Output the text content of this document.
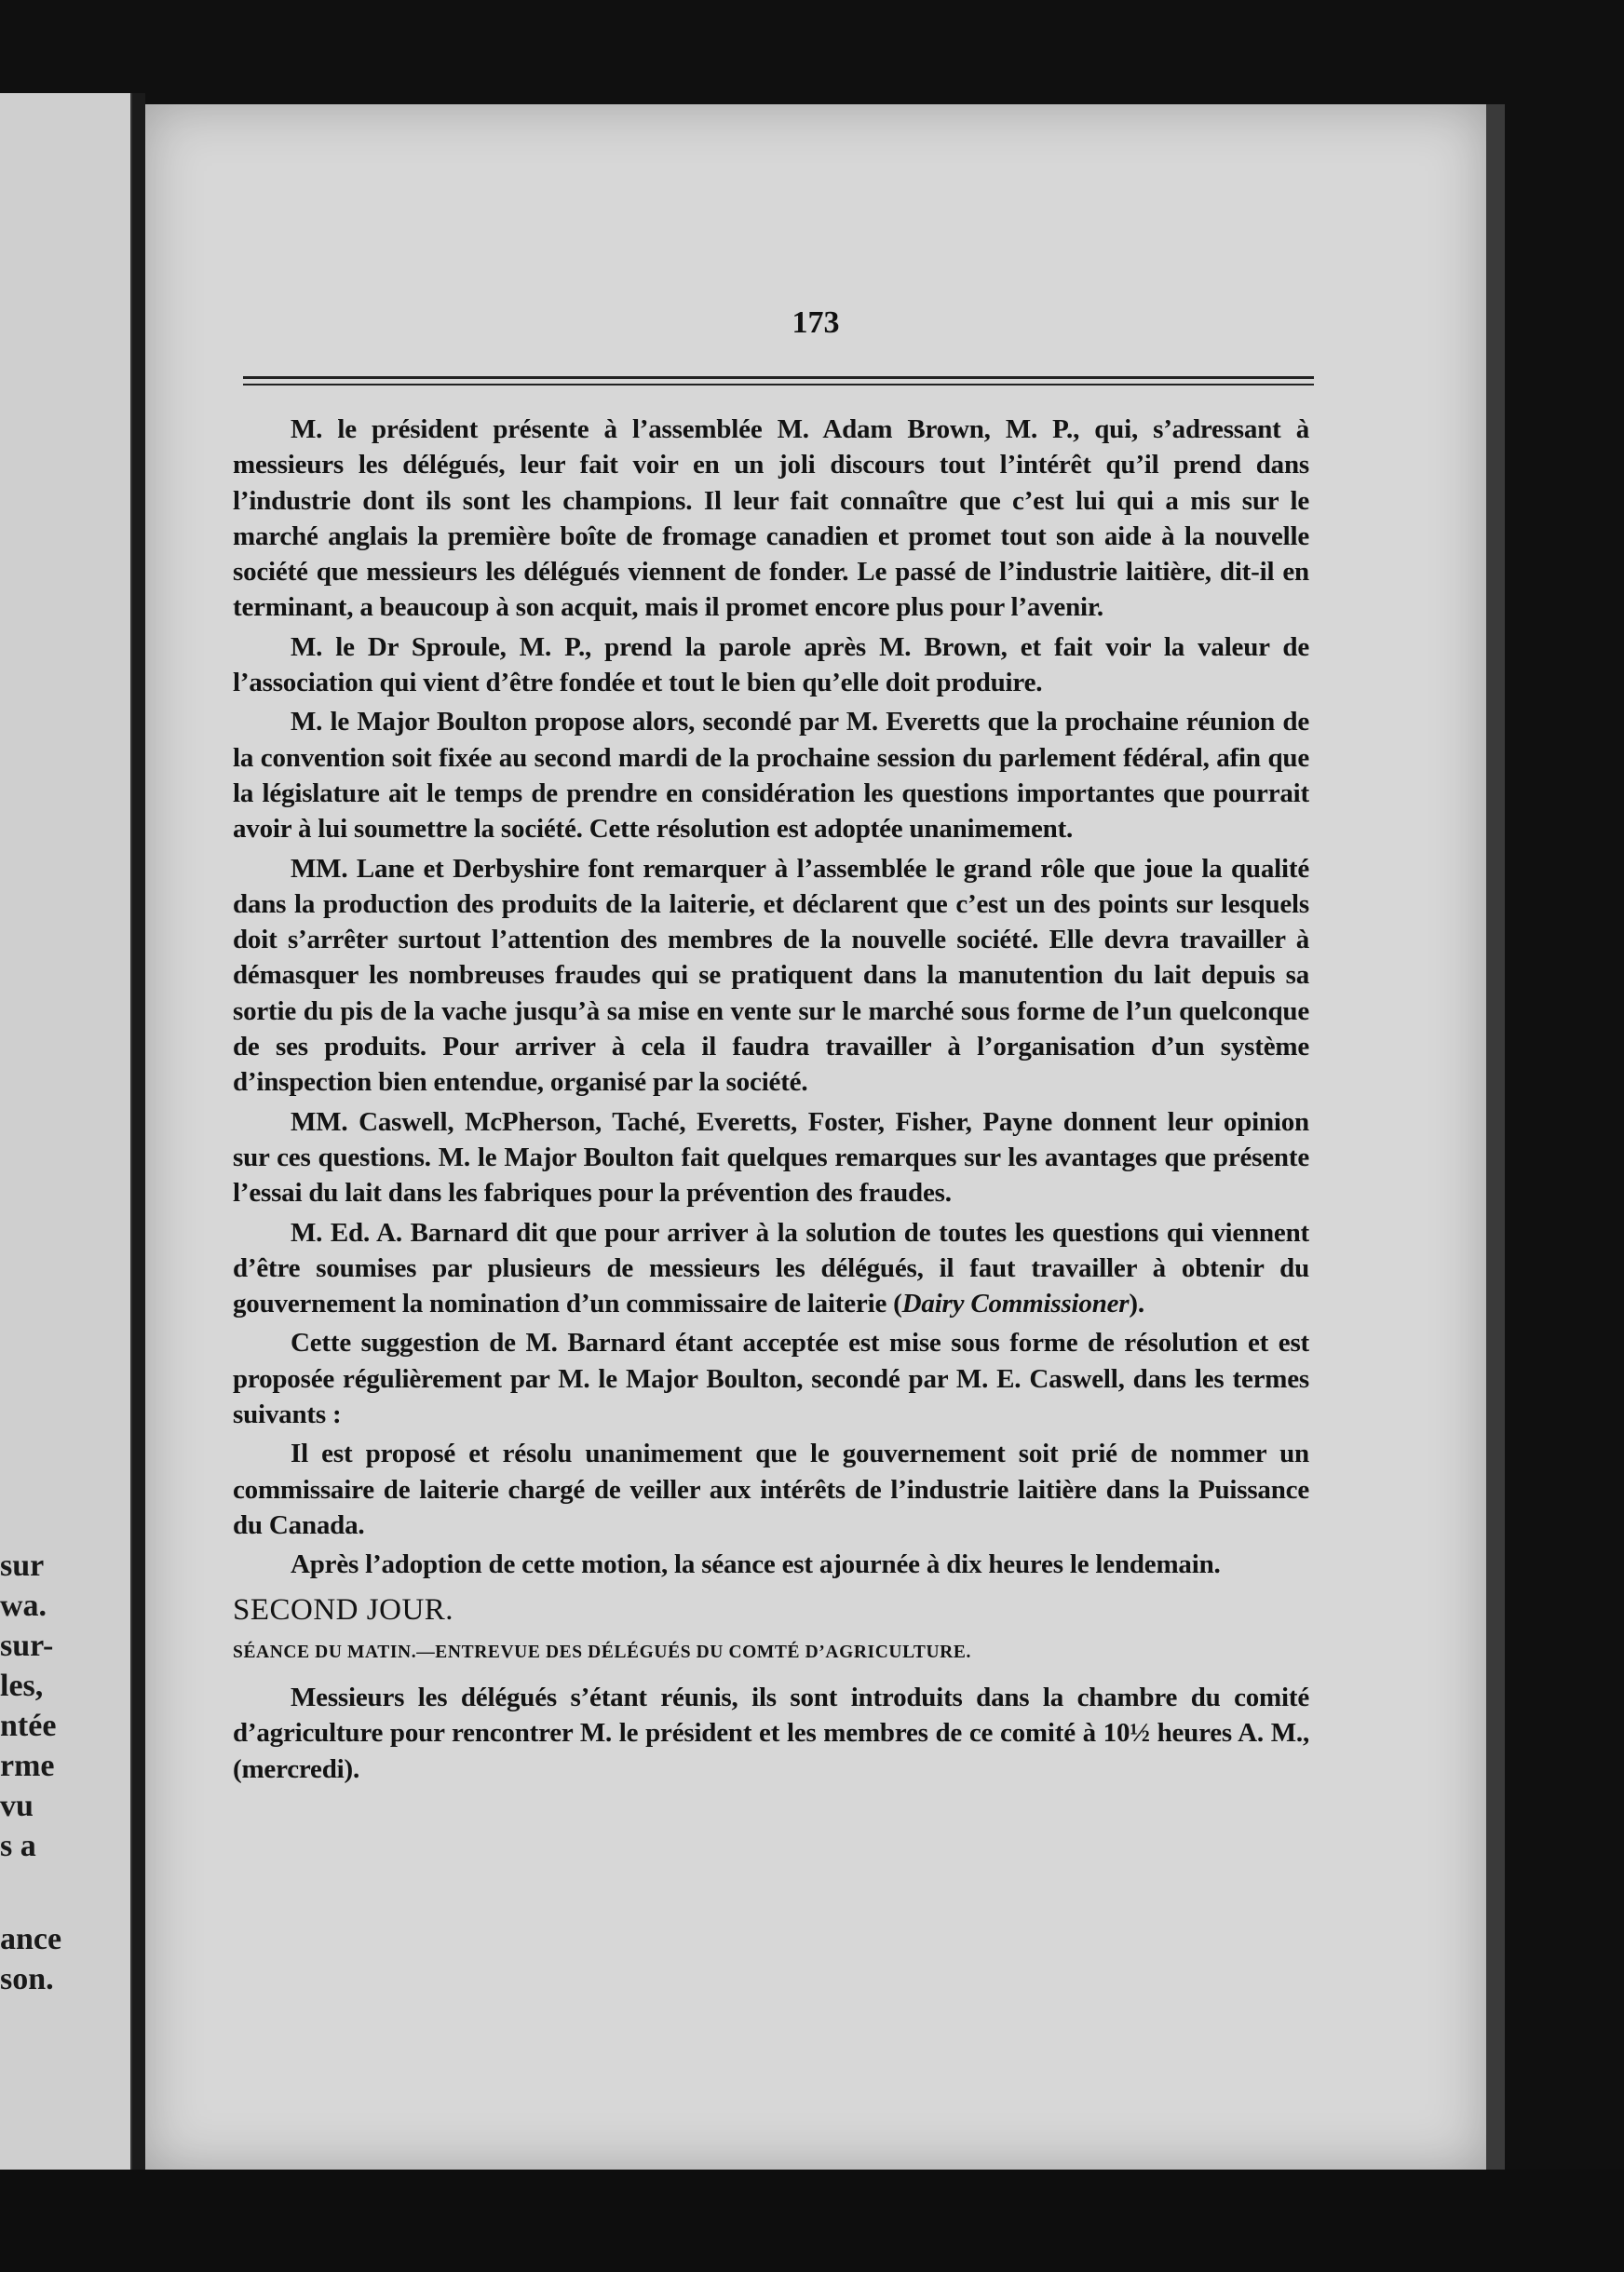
sur
wa.
sur-
les,
ntée
rme
vu
s a
ance
son.
173

M. le président présente à l’assemblée M. Adam Brown, M. P., qui, s’adressant à messieurs les délégués, leur fait voir en un joli discours tout l’intérêt qu’il prend dans l’industrie dont ils sont les champions. Il leur fait connaître que c’est lui qui a mis sur le marché anglais la première boîte de fromage canadien et promet tout son aide à la nouvelle société que messieurs les délégués viennent de fonder. Le passé de l’industrie laitière, dit-il en terminant, a beaucoup à son acquit, mais il promet encore plus pour l’avenir.

M. le Dr Sproule, M. P., prend la parole après M. Brown, et fait voir la valeur de l’association qui vient d’être fondée et tout le bien qu’elle doit produire.

M. le Major Boulton propose alors, secondé par M. Everetts que la prochaine réunion de la convention soit fixée au second mardi de la prochaine session du parlement fédéral, afin que la législature ait le temps de prendre en considération les questions importantes que pourrait avoir à lui soumettre la société. Cette résolution est adoptée unanimement.

MM. Lane et Derbyshire font remarquer à l’assemblée le grand rôle que joue la qualité dans la production des produits de la laiterie, et déclarent que c’est un des points sur lesquels doit s’arrêter surtout l’attention des membres de la nouvelle société. Elle devra travailler à démasquer les nombreuses fraudes qui se pratiquent dans la manutention du lait depuis sa sortie du pis de la vache jusqu’à sa mise en vente sur le marché sous forme de l’un quelconque de ses produits. Pour arriver à cela il faudra travailler à l’organisation d’un système d’inspection bien entendue, organisé par la société.

MM. Caswell, McPherson, Taché, Everetts, Foster, Fisher, Payne donnent leur opinion sur ces questions. M. le Major Boulton fait quelques remarques sur les avantages que présente l’essai du lait dans les fabriques pour la prévention des fraudes.

M. Ed. A. Barnard dit que pour arriver à la solution de toutes les questions qui viennent d’être soumises par plusieurs de messieurs les délégués, il faut travailler à obtenir du gouvernement la nomination d’un commissaire de laiterie (Dairy Commissioner).

Cette suggestion de M. Barnard étant acceptée est mise sous forme de résolution et est proposée régulièrement par M. le Major Boulton, secondé par M. E. Caswell, dans les termes suivants :

Il est proposé et résolu unanimement que le gouvernement soit prié de nommer un commissaire de laiterie chargé de veiller aux intérêts de l’industrie laitière dans la Puissance du Canada.

Après l’adoption de cette motion, la séance est ajournée à dix heures le lendemain.

SECOND JOUR.

SÉANCE DU MATIN.—ENTREVUE DES DÉLÉGUÉS DU COMTÉ D’AGRICULTURE.

Messieurs les délégués s’étant réunis, ils sont introduits dans la chambre du comité d’agriculture pour rencontrer M. le président et les membres de ce comité à 10½ heures A. M., (mercredi).
